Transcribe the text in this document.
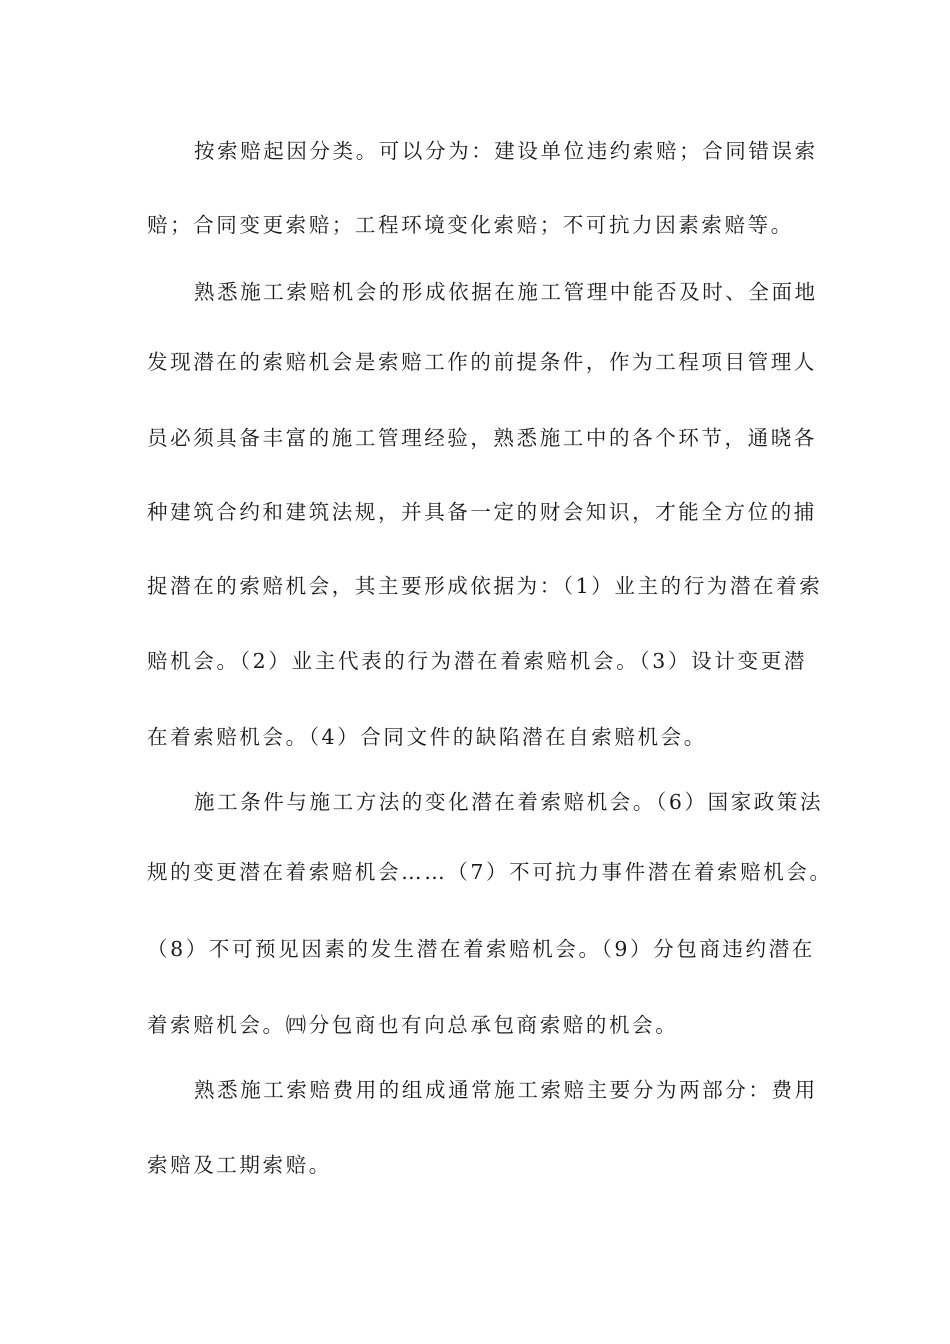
按索赔起因分类。可以分为：建设单位违约索赔；合同错误索
赔；合同变更索赔；工程环境变化索赔；不可抗力因素索赔等。
熟悉施工索赔机会的形成依据在施工管理中能否及时、全面地
发现潜在的索赔机会是索赔工作的前提条件，作为工程项目管理人
员必须具备丰富的施工管理经验，熟悉施工中的各个环节，通晓各
种建筑合约和建筑法规，并具备一定的财会知识，才能全方位的捕
捉潜在的索赔机会，其主要形成依据为：（1）业主的行为潜在着索
赔机会。（2）业主代表的行为潜在着索赔机会。（3）设计变更潜
在着索赔机会。（4）合同文件的缺陷潜在自索赔机会。
施工条件与施工方法的变化潜在着索赔机会。（6）国家政策法
规的变更潜在着索赔机会……（7）不可抗力事件潜在着索赔机会。
（8）不可预见因素的发生潜在着索赔机会。（9）分包商违约潜在
着索赔机会。㈣分包商也有向总承包商索赔的机会。
熟悉施工索赔费用的组成通常施工索赔主要分为两部分：费用
索赔及工期索赔。
